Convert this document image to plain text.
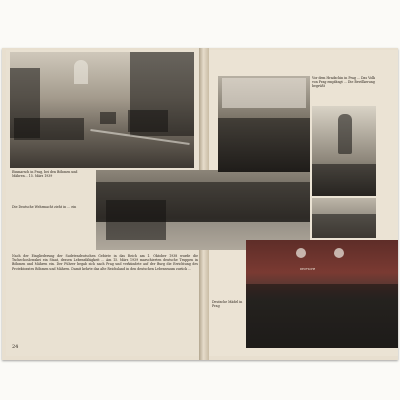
DEUTSCHE
Einmarsch in Prag, bei den Böhmen und Mähren... 15. März 1939
Die Deutsche Wehrmacht zieht in ... ein
Vor dem Hradschin in Prag ... Das Volk von Prag empfängt ... Die Bevölkerung begrüßt
Deutsche Mädel in Prag
Nach der Eingliederung der Sudetendeutschen Gebiete in das Reich am 1. Oktober 1938 wurde die Tschechoslowakei ein Staat, dessen Lebensfähigkeit ... Am 15. März 1939 marschierten deutsche Truppen in Böhmen und Mähren ein. Der Führer begab sich nach Prag und verkündete auf der Burg die Errichtung des Protektorates Böhmen und Mähren. Damit kehrte das alte Reichsland in den deutschen Lebensraum zurück ...
24
